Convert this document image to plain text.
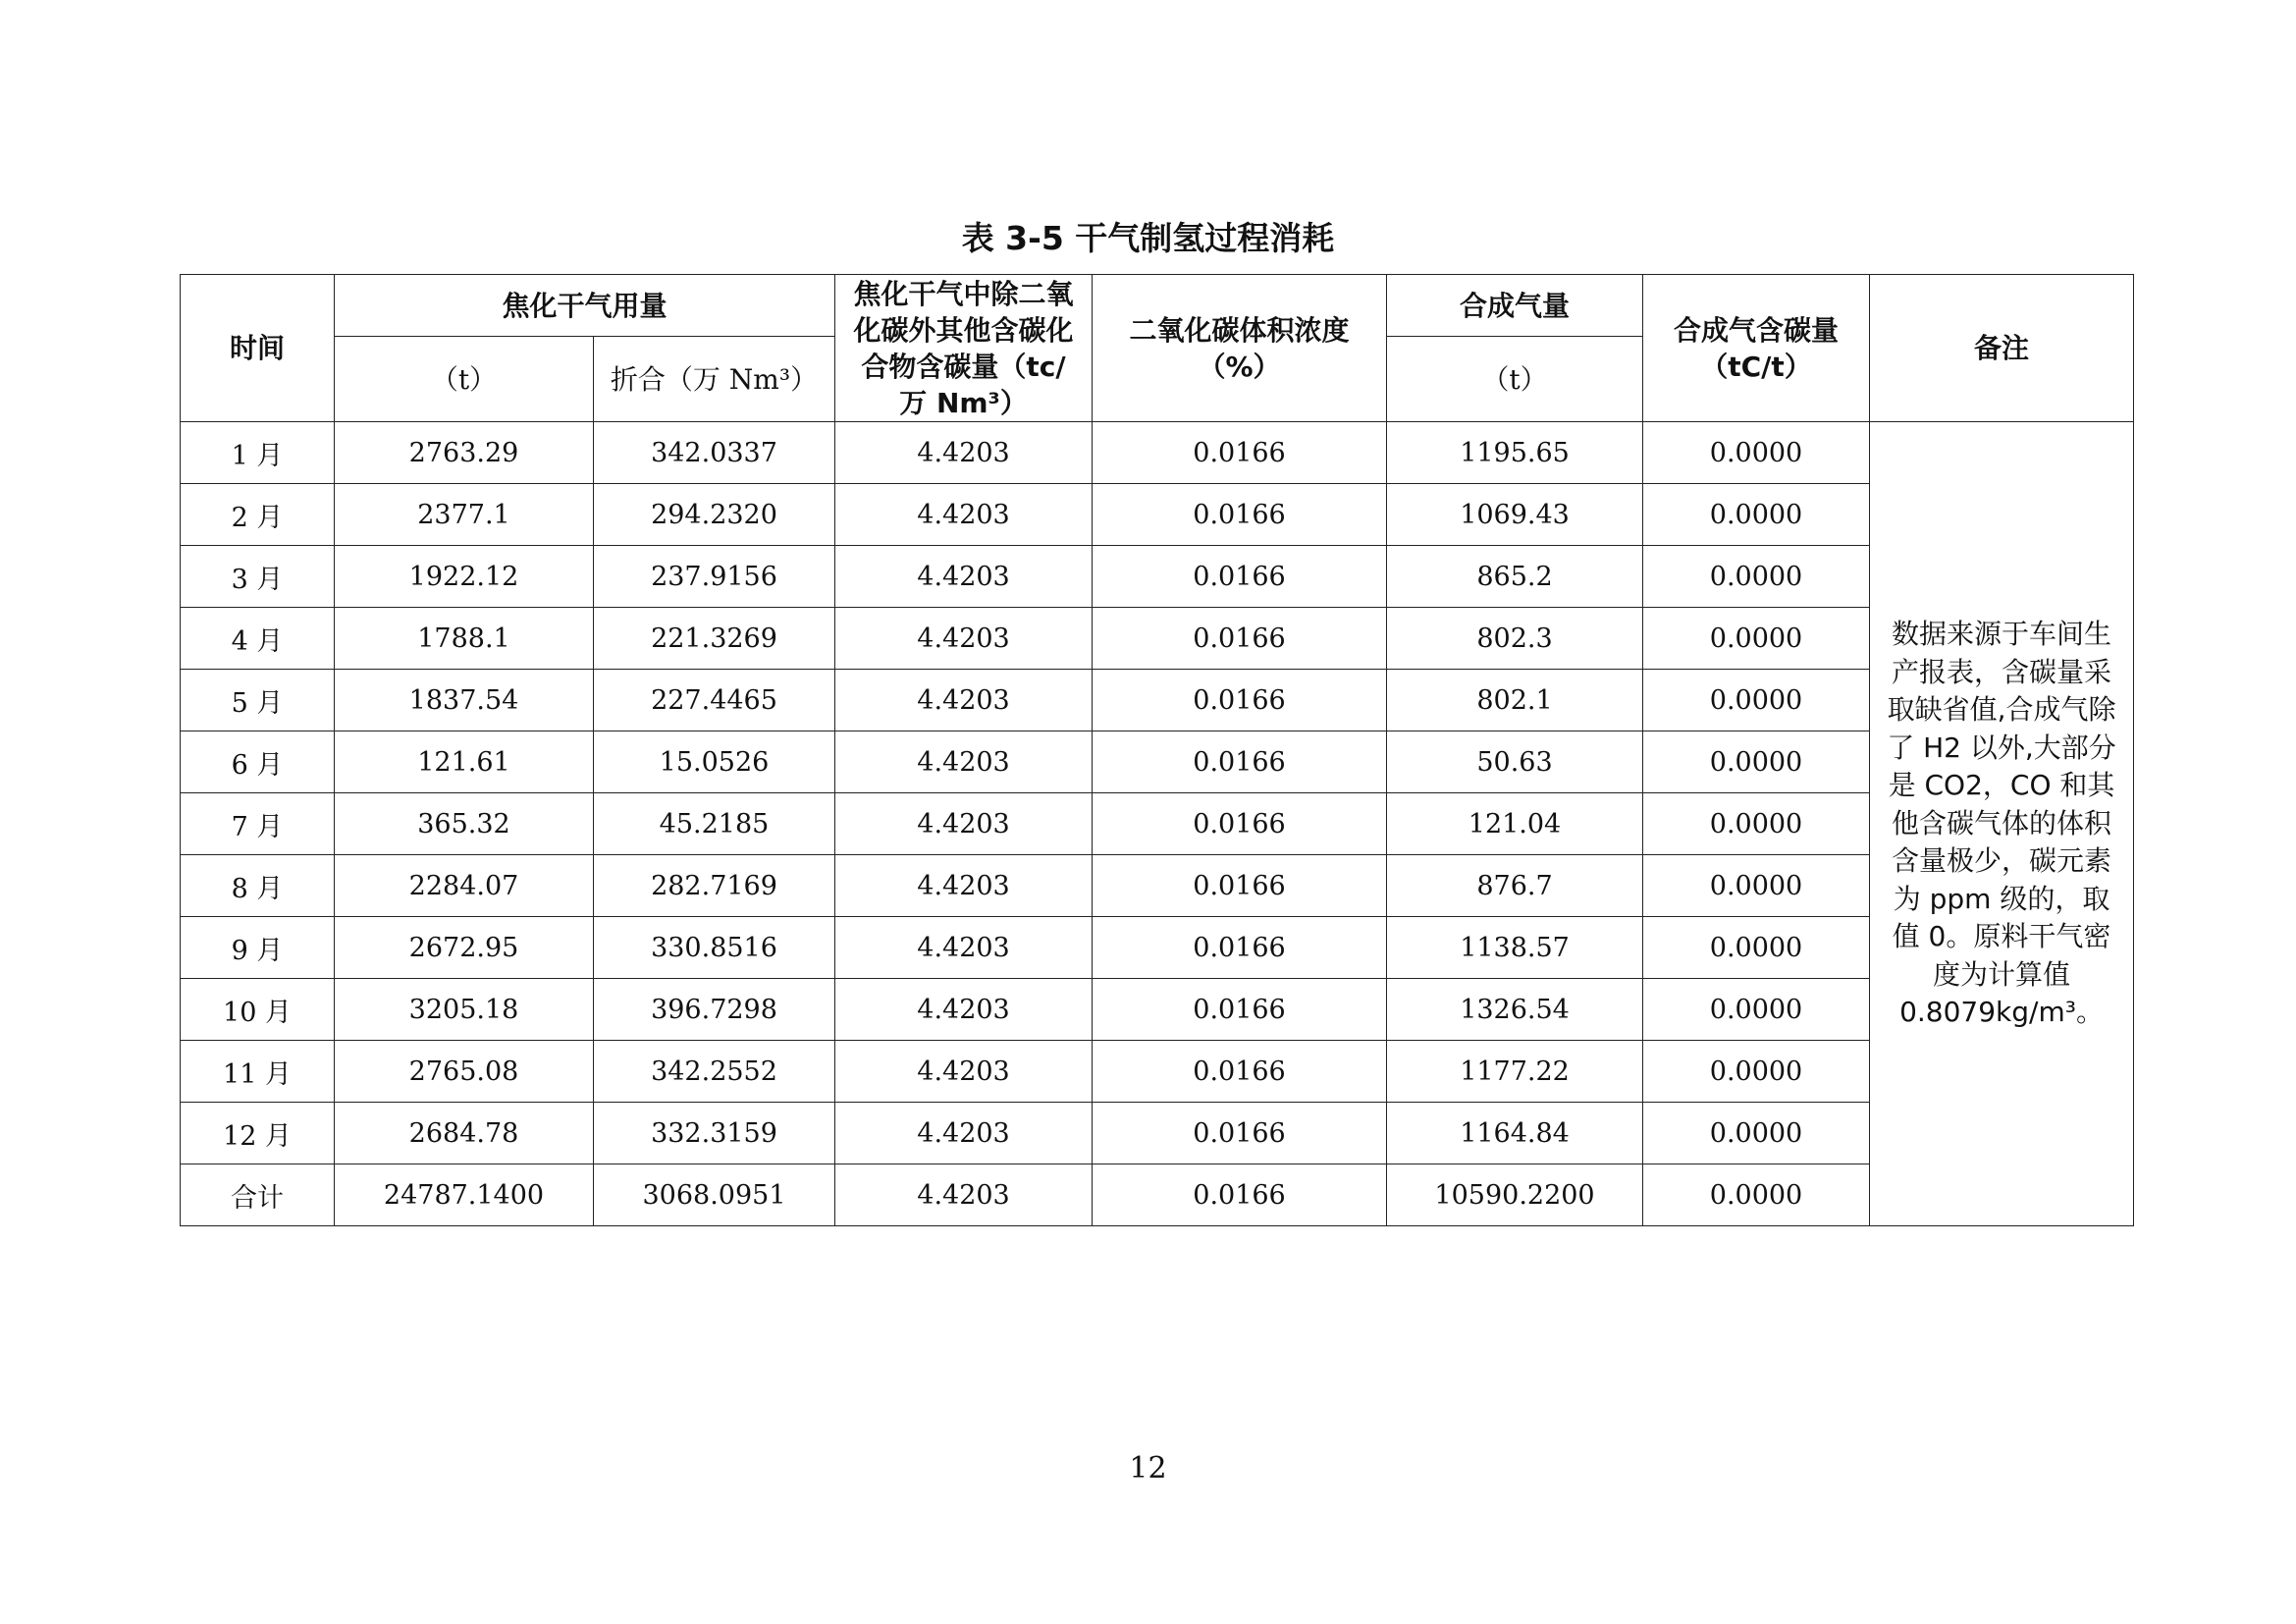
表 3-5 干气制氢过程消耗
时间	焦化干气用量		焦化干气中除二氧化碳外其他含碳化合物含碳量（tc/万 Nm³）	二氧化碳体积浓度（%）	合成气量	合成气含碳量（tC/t）	备注
	（t）	折合（万 Nm³）			（t）		
1 月	2763.29	342.0337	4.4203	0.0166	1195.65	0.0000	数据来源于车间生产报表，含碳量采取缺省值,合成气除了 H2 以外,大部分是 CO2，CO 和其他含碳气体的体积含量极少，碳元素为 ppm 级的，取值 0。原料干气密度为计算值 0.8079kg/m³。
2 月	2377.1	294.2320	4.4203	0.0166	1069.43	0.0000	
3 月	1922.12	237.9156	4.4203	0.0166	865.2	0.0000	
4 月	1788.1	221.3269	4.4203	0.0166	802.3	0.0000	
5 月	1837.54	227.4465	4.4203	0.0166	802.1	0.0000	
6 月	121.61	15.0526	4.4203	0.0166	50.63	0.0000	
7 月	365.32	45.2185	4.4203	0.0166	121.04	0.0000	
8 月	2284.07	282.7169	4.4203	0.0166	876.7	0.0000	
9 月	2672.95	330.8516	4.4203	0.0166	1138.57	0.0000	
10 月	3205.18	396.7298	4.4203	0.0166	1326.54	0.0000	
11 月	2765.08	342.2552	4.4203	0.0166	1177.22	0.0000	
12 月	2684.78	332.3159	4.4203	0.0166	1164.84	0.0000	
合计	24787.1400	3068.0951	4.4203	0.0166	10590.2200	0.0000	
12
